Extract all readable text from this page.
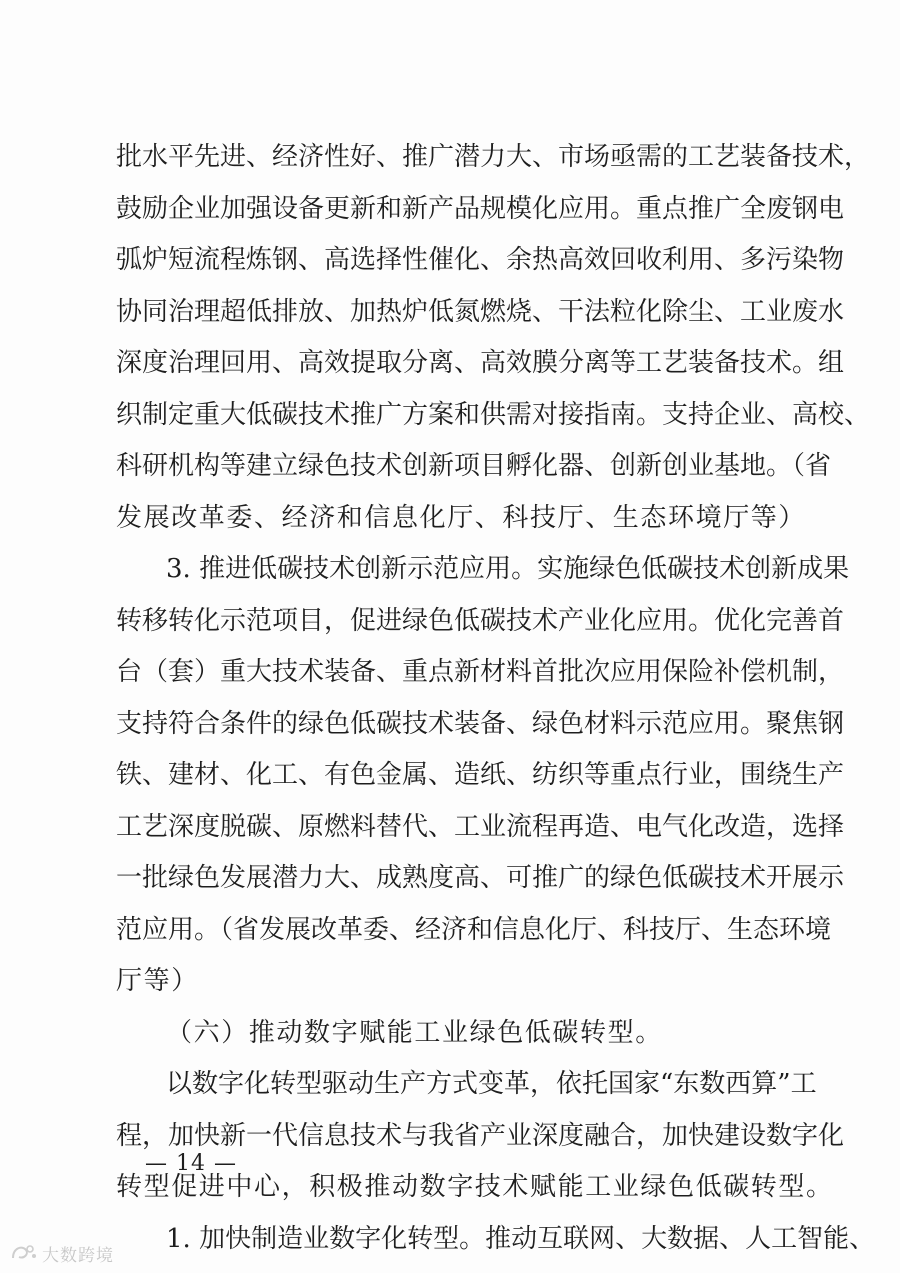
批水平先进、经济性好、推广潜力大、市场亟需的工艺装备技术，
鼓励企业加强设备更新和新产品规模化应用。重点推广全废钢电
弧炉短流程炼钢、高选择性催化、余热高效回收利用、多污染物
协同治理超低排放、加热炉低氮燃烧、干法粒化除尘、工业废水
深度治理回用、高效提取分离、高效膜分离等工艺装备技术。组
织制定重大低碳技术推广方案和供需对接指南。支持企业、高校、
科研机构等建立绿色技术创新项目孵化器、创新创业基地。（省
发展改革委、经济和信息化厅、科技厅、生态环境厅等）
3. 推进低碳技术创新示范应用。实施绿色低碳技术创新成果
转移转化示范项目，促进绿色低碳技术产业化应用。优化完善首
台（套）重大技术装备、重点新材料首批次应用保险补偿机制，
支持符合条件的绿色低碳技术装备、绿色材料示范应用。聚焦钢
铁、建材、化工、有色金属、造纸、纺织等重点行业，围绕生产
工艺深度脱碳、原燃料替代、工业流程再造、电气化改造，选择
一批绿色发展潜力大、成熟度高、可推广的绿色低碳技术开展示
范应用。（省发展改革委、经济和信息化厅、科技厅、生态环境
厅等）
（六）推动数字赋能工业绿色低碳转型。
以数字化转型驱动生产方式变革，依托国家“东数西算”工
程，加快新一代信息技术与我省产业深度融合，加快建设数字化
转型促进中心，积极推动数字技术赋能工业绿色低碳转型。
1. 加快制造业数字化转型。推动互联网、大数据、人工智能、
— 14 —
大数跨境
